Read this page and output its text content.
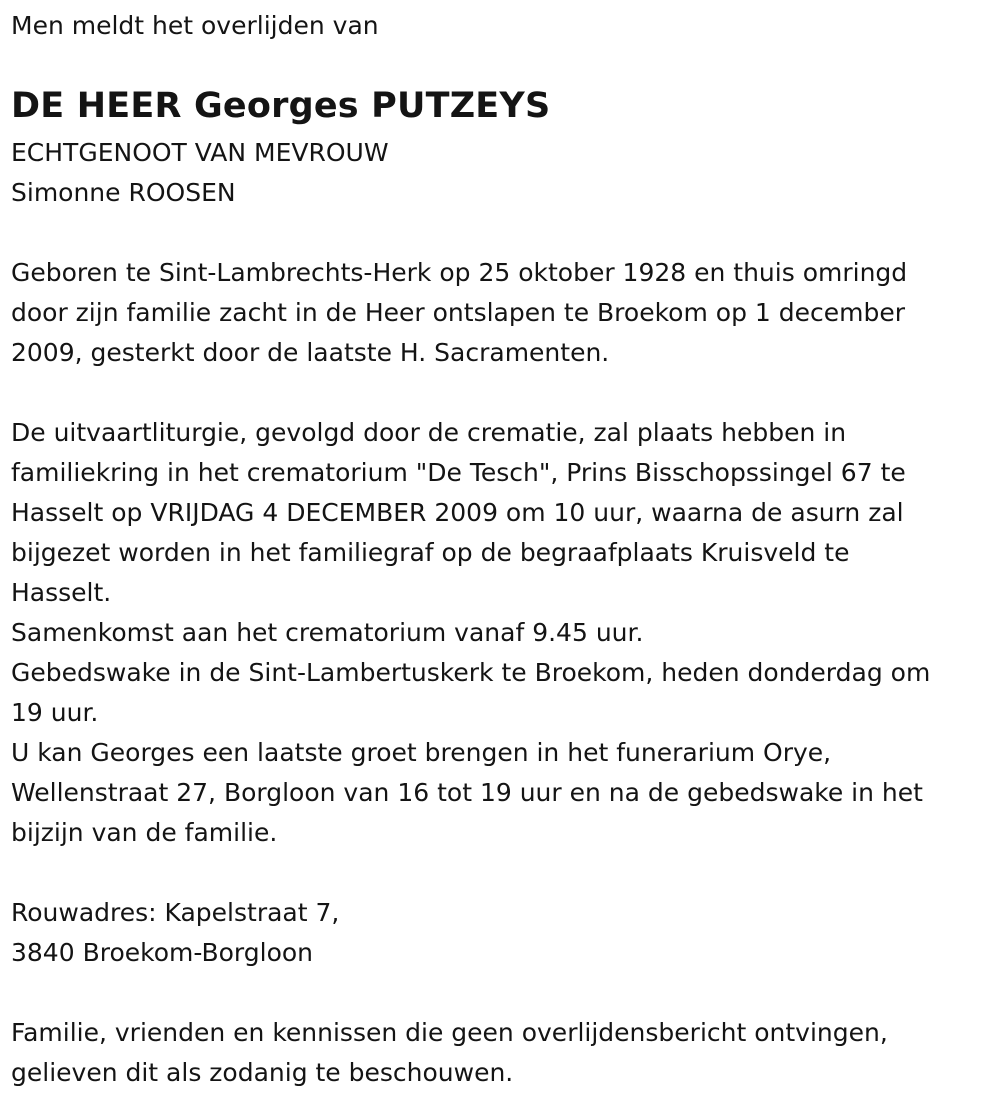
Men meldt het overlijden van
DE HEER Georges PUTZEYS
ECHTGENOOT VAN MEVROUW
Simonne ROOSEN
Geboren te Sint-Lambrechts-Herk op 25 oktober 1928 en thuis omringd
door zijn familie zacht in de Heer ontslapen te Broekom op 1 december
2009, gesterkt door de laatste H. Sacramenten.
De uitvaartliturgie, gevolgd door de crematie, zal plaats hebben in
familiekring in het crematorium "De Tesch", Prins Bisschopssingel 67 te
Hasselt op VRIJDAG 4 DECEMBER 2009 om 10 uur, waarna de asurn zal
bijgezet worden in het familiegraf op de begraafplaats Kruisveld te
Hasselt.
Samenkomst aan het crematorium vanaf 9.45 uur.
Gebedswake in de Sint-Lambertuskerk te Broekom, heden donderdag om
19 uur.
U kan Georges een laatste groet brengen in het funerarium Orye,
Wellenstraat 27, Borgloon van 16 tot 19 uur en na de gebedswake in het
bijzijn van de familie.
Rouwadres: Kapelstraat 7,
3840 Broekom-Borgloon
Familie, vrienden en kennissen die geen overlijdensbericht ontvingen,
gelieven dit als zodanig te beschouwen.
